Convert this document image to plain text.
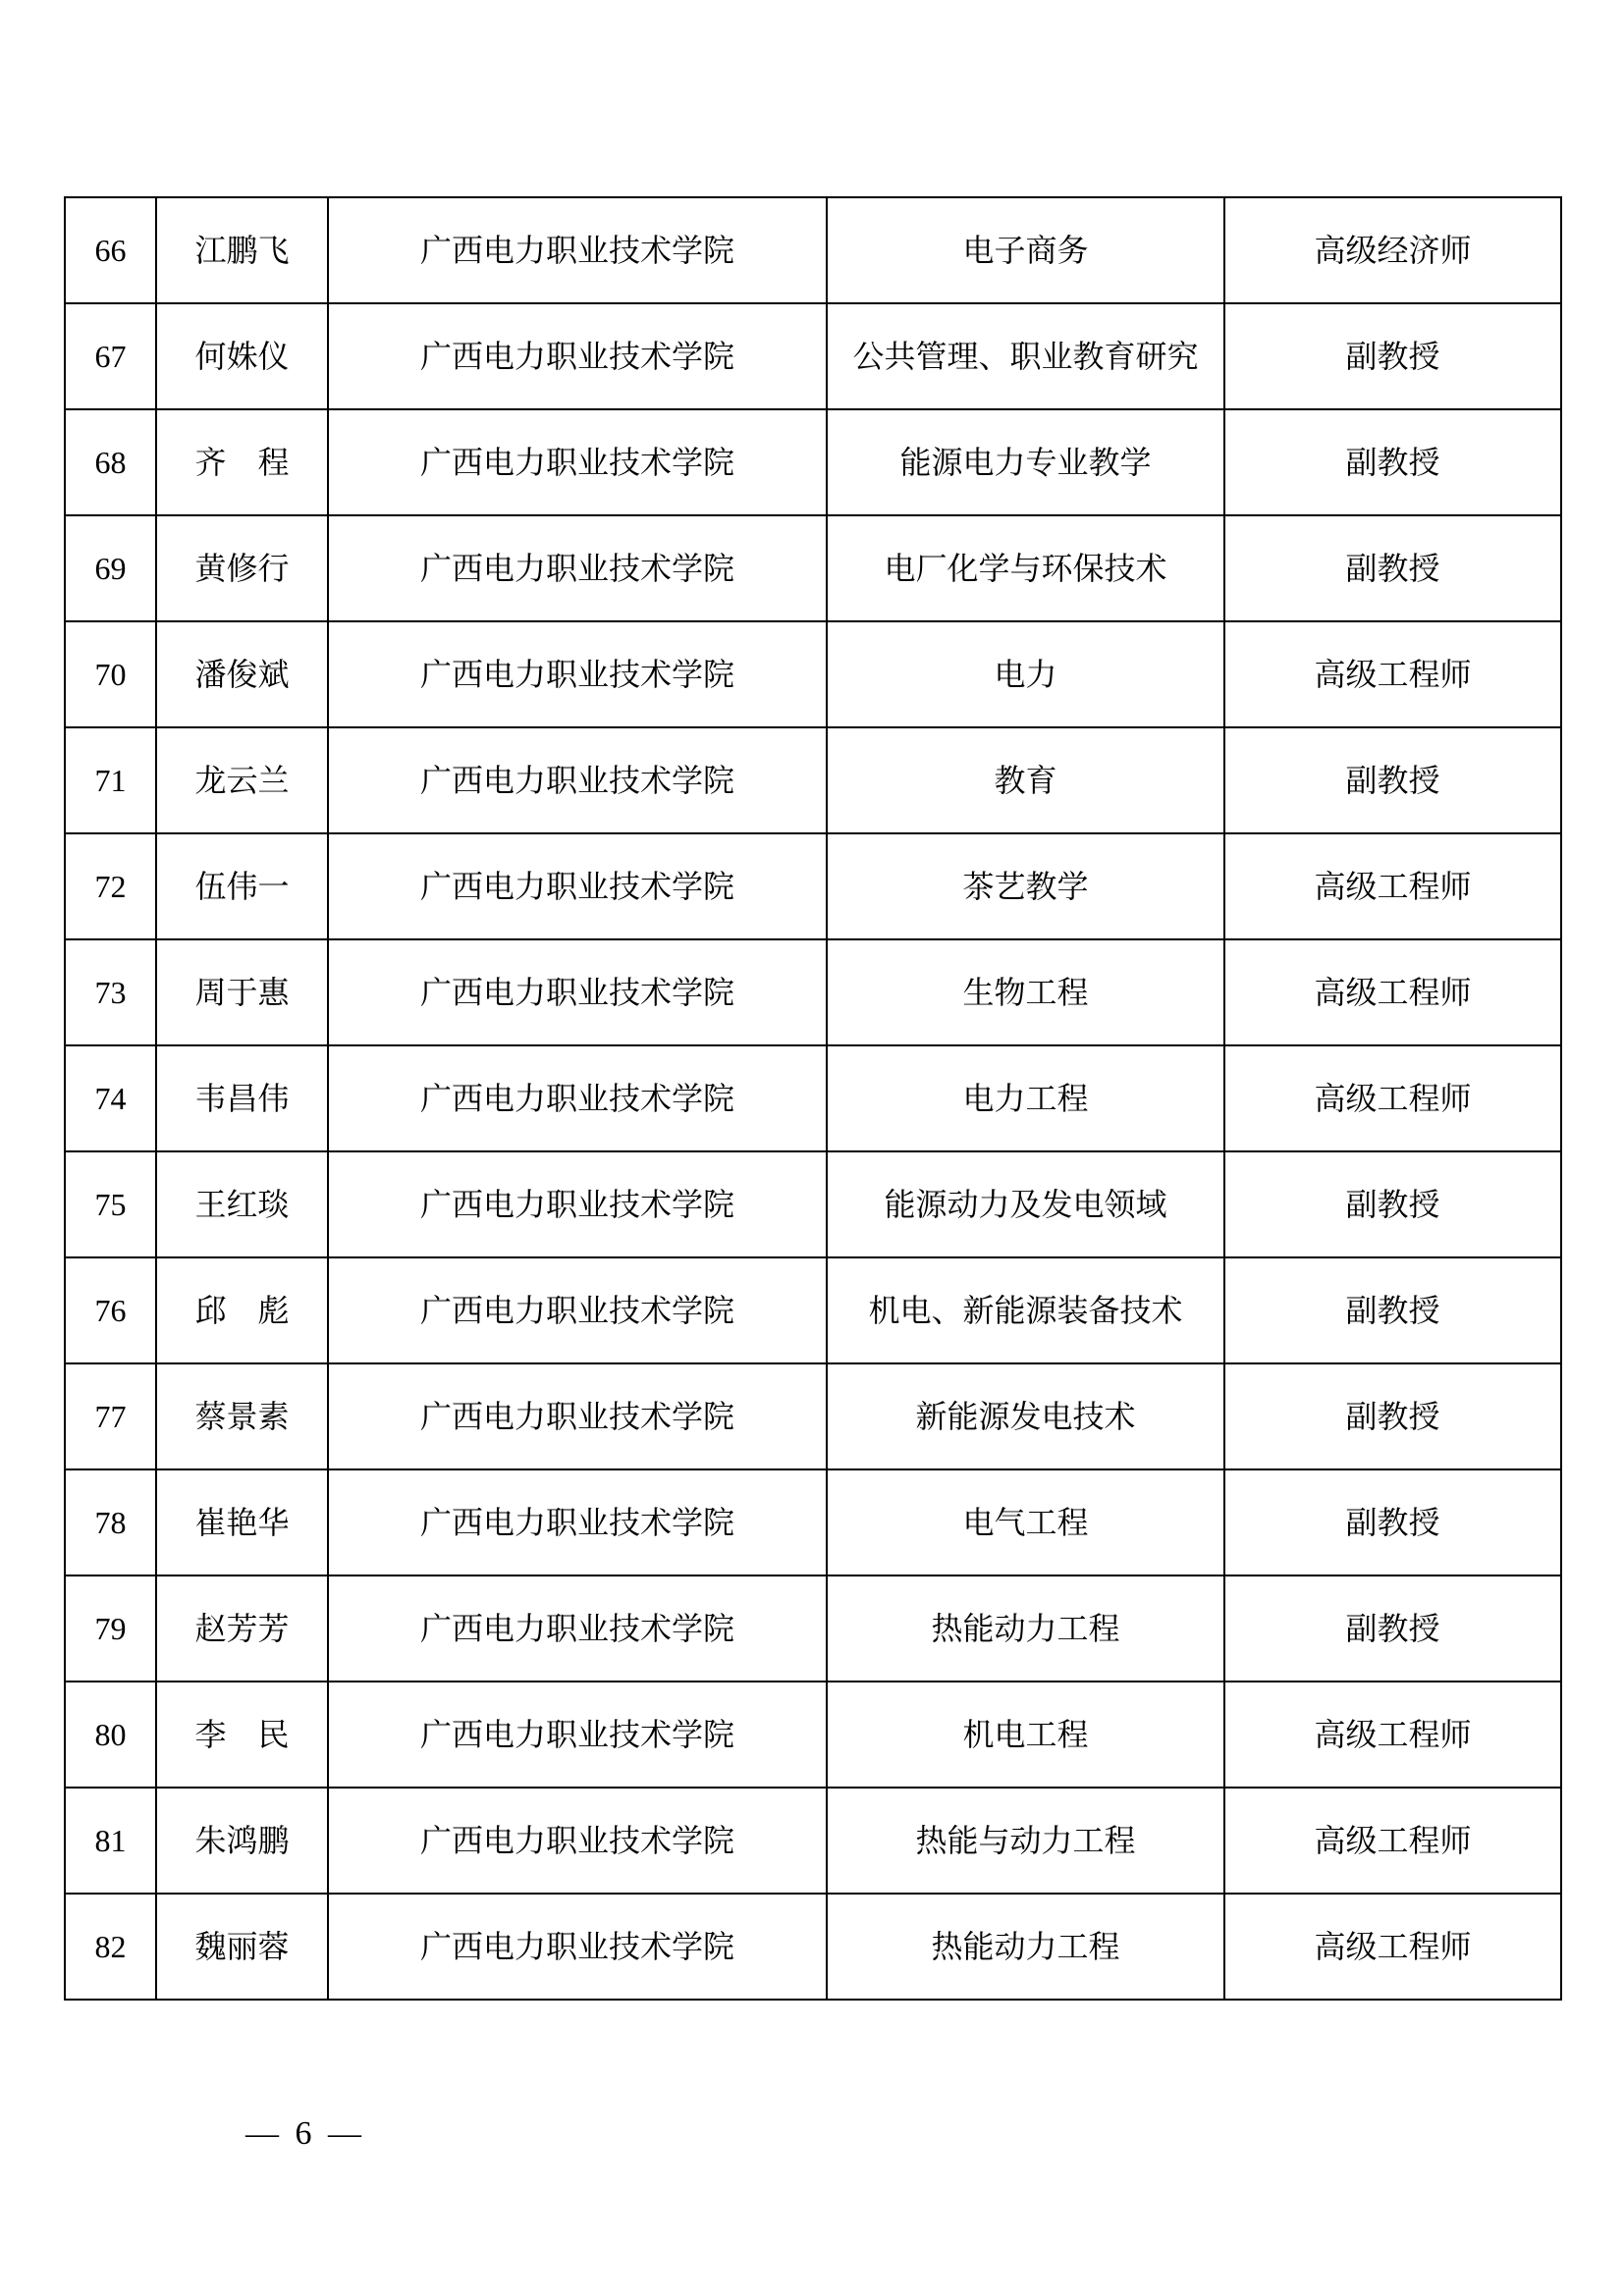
66	江鹏飞	广西电力职业技术学院	电子商务	高级经济师
67	何姝仪	广西电力职业技术学院	公共管理、职业教育研究	副教授
68	齐　程	广西电力职业技术学院	能源电力专业教学	副教授
69	黄修行	广西电力职业技术学院	电厂化学与环保技术	副教授
70	潘俊斌	广西电力职业技术学院	电力	高级工程师
71	龙云兰	广西电力职业技术学院	教育	副教授
72	伍伟一	广西电力职业技术学院	茶艺教学	高级工程师
73	周于惠	广西电力职业技术学院	生物工程	高级工程师
74	韦昌伟	广西电力职业技术学院	电力工程	高级工程师
75	王红琰	广西电力职业技术学院	能源动力及发电领域	副教授
76	邱　彪	广西电力职业技术学院	机电、新能源装备技术	副教授
77	蔡景素	广西电力职业技术学院	新能源发电技术	副教授
78	崔艳华	广西电力职业技术学院	电气工程	副教授
79	赵芳芳	广西电力职业技术学院	热能动力工程	副教授
80	李　民	广西电力职业技术学院	机电工程	高级工程师
81	朱鸿鹏	广西电力职业技术学院	热能与动力工程	高级工程师
82	魏丽蓉	广西电力职业技术学院	热能动力工程	高级工程师
— 6 —
